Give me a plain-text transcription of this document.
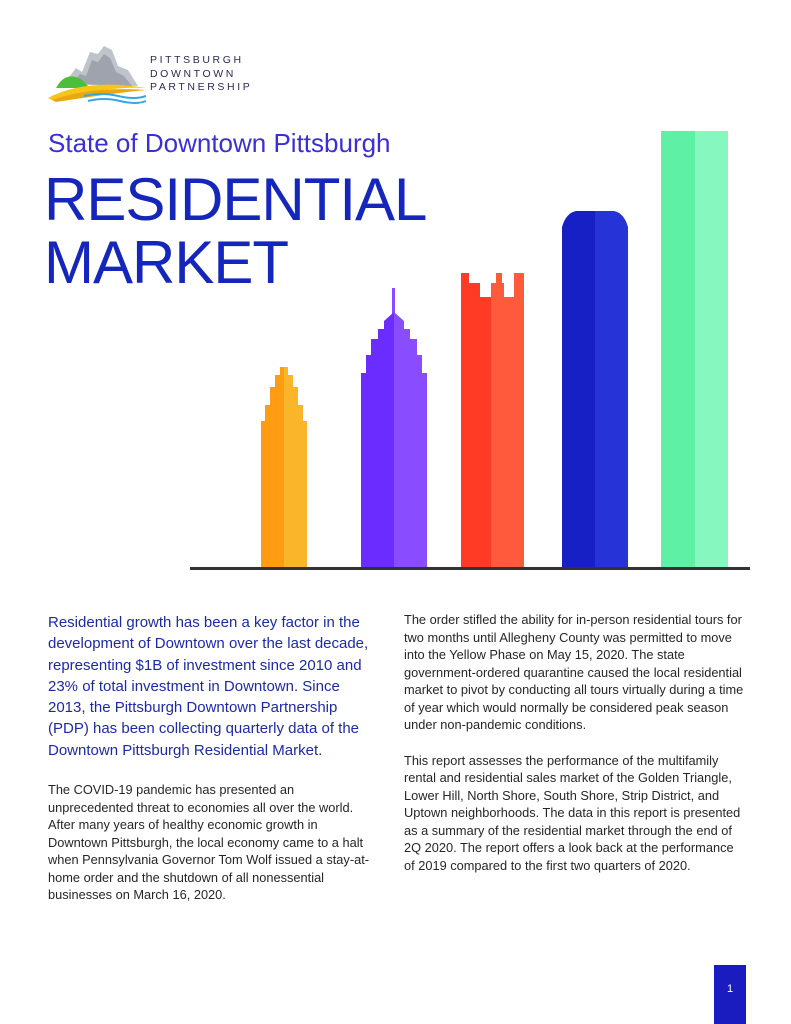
PITTSBURGH
DOWNTOWN
PARTNERSHIP
State of Downtown Pittsburgh
RESIDENTIAL
MARKET

Residential growth has been a key factor in the development of Downtown over the last decade, representing $1B of investment since 2010 and 23% of total investment in Downtown. Since 2013, the Pittsburgh Downtown Partnership (PDP) has been collecting quarterly data of the Downtown Pittsburgh Residential Market.

The COVID-19 pandemic has presented an unprecedented threat to economies all over the world. After many years of healthy economic growth in Downtown Pittsburgh, the local economy came to a halt when Pennsylvania Governor Tom Wolf issued a stay-at-home order and the shutdown of all nonessential businesses on March 16, 2020.

The order stifled the ability for in-person residential tours for two months until Allegheny County was permitted to move into the Yellow Phase on May 15, 2020. The state government-ordered quarantine caused the local residential market to pivot by conducting all tours virtually during a time of year which would normally be considered peak season under non-pandemic conditions.

This report assesses the performance of the multifamily rental and residential sales market of the Golden Triangle, Lower Hill, North Shore, South Shore, Strip District, and Uptown neighborhoods. The data in this report is presented as a summary of the residential market through the end of 2Q 2020. The report offers a look back at the performance of 2019 compared to the first two quarters of 2020.

1
